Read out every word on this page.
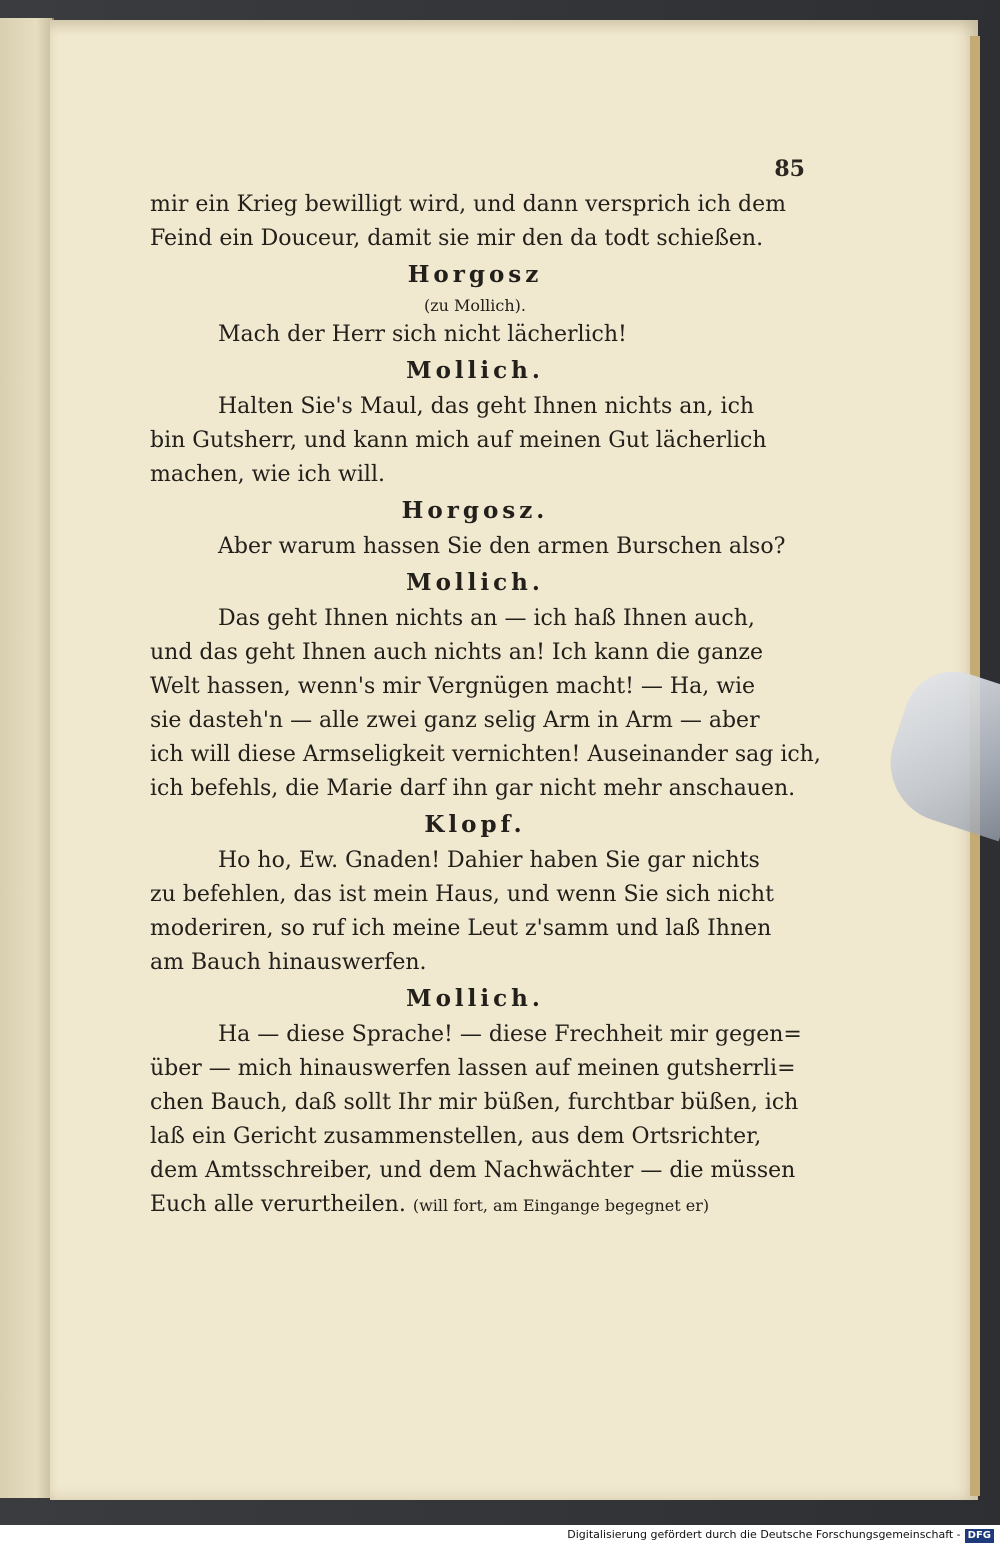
85

mir ein Krieg bewilligt wird, und dann versprich ich dem

Feind ein Douceur, damit sie mir den da todt schießen.

Horgosz

(zu Mollich).

Mach der Herr sich nicht lächerlich!

Mollich.

Halten Sie's Maul, das geht Ihnen nichts an, ich

bin Gutsherr, und kann mich auf meinen Gut lächerlich

machen, wie ich will.

Horgosz.

Aber warum hassen Sie den armen Burschen also?

Mollich.

Das geht Ihnen nichts an — ich haß Ihnen auch,

und das geht Ihnen auch nichts an! Ich kann die ganze

Welt hassen, wenn's mir Vergnügen macht! — Ha, wie

sie dasteh'n — alle zwei ganz selig Arm in Arm — aber

ich will diese Armseligkeit vernichten! Auseinander sag ich,

ich befehls, die Marie darf ihn gar nicht mehr anschauen.

Klopf.

Ho ho, Ew. Gnaden! Dahier haben Sie gar nichts

zu befehlen, das ist mein Haus, und wenn Sie sich nicht

moderiren, so ruf ich meine Leut z'samm und laß Ihnen

am Bauch hinauswerfen.

Mollich.

Ha — diese Sprache! — diese Frechheit mir gegen=

über — mich hinauswerfen lassen auf meinen gutsherrli=

chen Bauch, daß sollt Ihr mir büßen, furchtbar büßen, ich

laß ein Gericht zusammenstellen, aus dem Ortsrichter,

dem Amtsschreiber, und dem Nachwächter — die müssen

Euch alle verurtheilen. (will fort, am Eingange begegnet er)

Digitalisierung gefördert durch die Deutsche Forschungsgemeinschaft - DFG
